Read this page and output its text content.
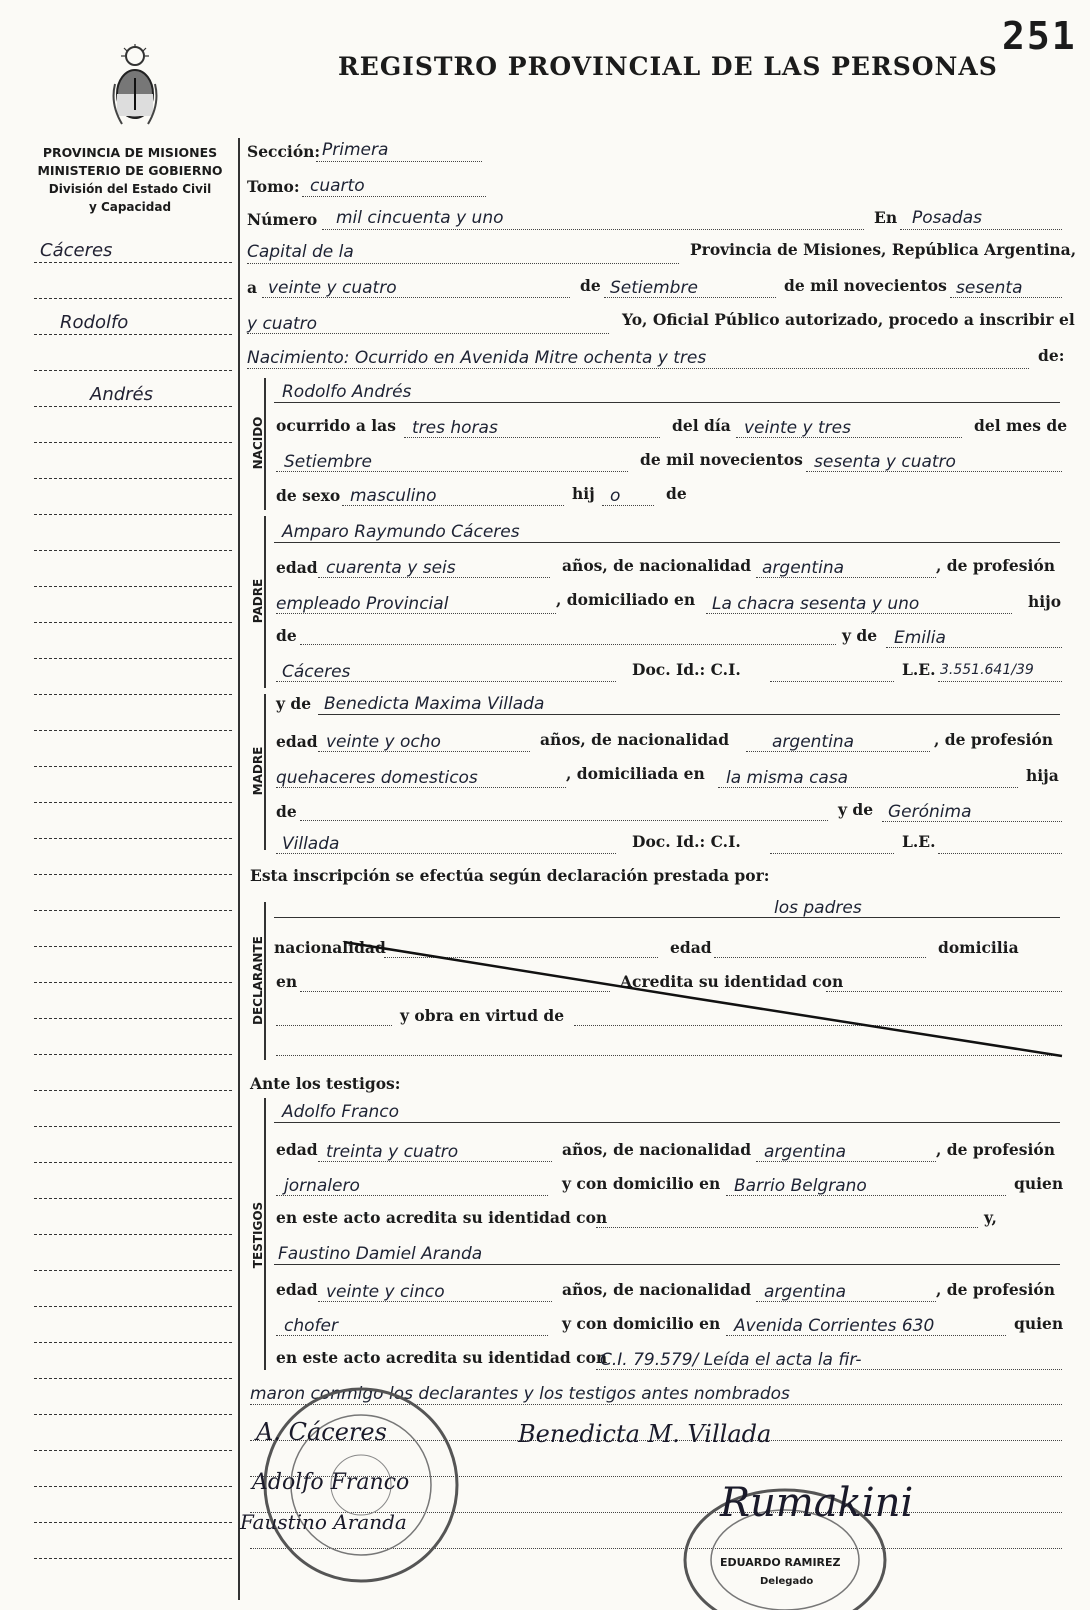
251
REGISTRO PROVINCIAL DE LAS PERSONAS
PROVINCIA DE MISIONES
MINISTERIO DE GOBIERNO
División del Estado Civil
y Capacidad
Cáceres
Rodolfo
Andrés
Sección: Primera
Tomo: cuarto
Número mil cincuenta y uno	En Posadas
Capital de la	Provincia de Misiones, República Argentina,
a veinte y cuatro	de Setiembre	de mil novecientos sesenta
y cuatro	Yo, Oficial Público autorizado, procedo a inscribir el
Nacimiento: Ocurrido en Avenida Mitre ochenta y tres	de:
NACIDO
Rodolfo Andrés
ocurrido a las tres horas	del día veinte y tres	del mes de
Setiembre	de mil novecientos sesenta y cuatro
de sexo masculino	hij o	de
PADRE
Amparo Raymundo Cáceres
edad cuarenta y seis	años, de nacionalidad argentina	, de profesión
empleado Provincial	, domiciliado en La chacra sesenta y uno	hijo
de	y de Emilia
Cáceres	Doc. Id.: C.I.	L.E. 3.551.641/39
MADRE
y de Benedicta Maxima Villada
edad veinte y ocho	años, de nacionalidad	argentina	, de profesión
quehaceres domesticos	, domiciliada en la misma casa	hija
de	y de Gerónima
Villada	Doc. Id.: C.I.	L.E.
Esta inscripción se efectúa según declaración prestada por:
DECLARANTE
los padres
nacionalidad	edad	domicilia
en	Acredita su identidad con
y obra en virtud de
Ante los testigos:
TESTIGOS
Adolfo Franco
edad treinta y cuatro	años, de nacionalidad argentina	, de profesión
jornalero	y con domicilio en Barrio Belgrano	quien
en este acto acredita su identidad con	y,
Faustino Damiel Aranda
edad veinte y cinco	años, de nacionalidad argentina	, de profesión
chofer	y con domicilio en Avenida Corrientes 630	quien
en este acto acredita su identidad con
C.I. 79.579/ Leída el acta la fir-
maron conmigo los declarantes y los testigos antes nombrados
EDUARDO RAMIREZ
Delegado
A. Cáceres	Benedicta M. Villada
Adolfo Franco
Faustino Aranda	Rumakini
